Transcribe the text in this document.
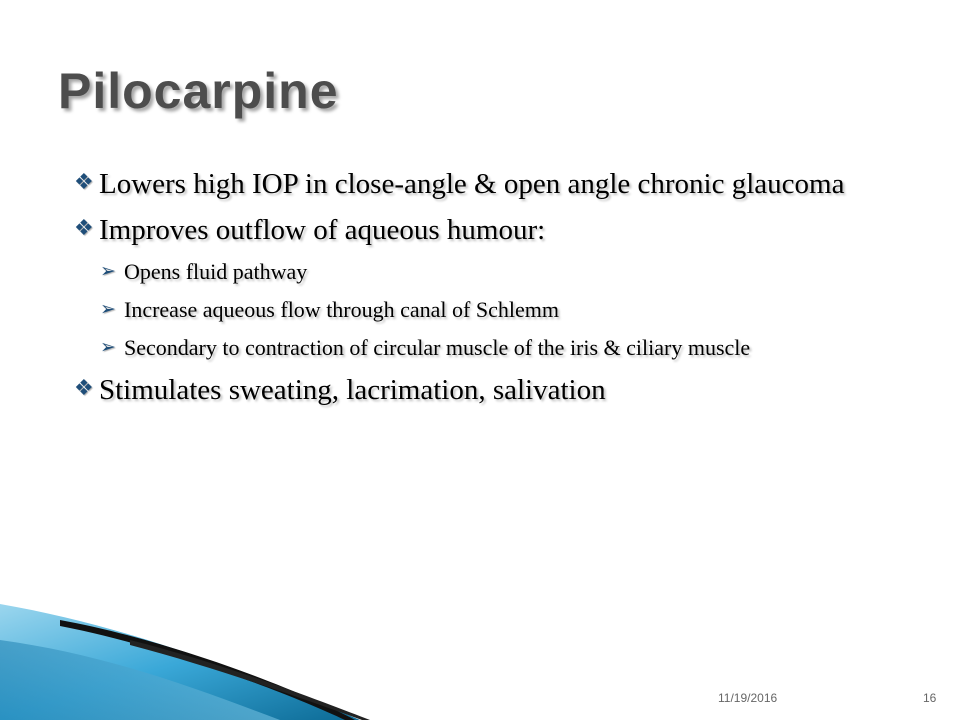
Pilocarpine
❖ Lowers high IOP in close-angle & open angle chronic glaucoma
❖ Improves outflow of aqueous humour:
➢ Opens fluid pathway
➢ Increase aqueous flow through canal of Schlemm
➢ Secondary to contraction of circular muscle of the iris & ciliary muscle
❖ Stimulates sweating, lacrimation, salivation
11/19/2016	16
